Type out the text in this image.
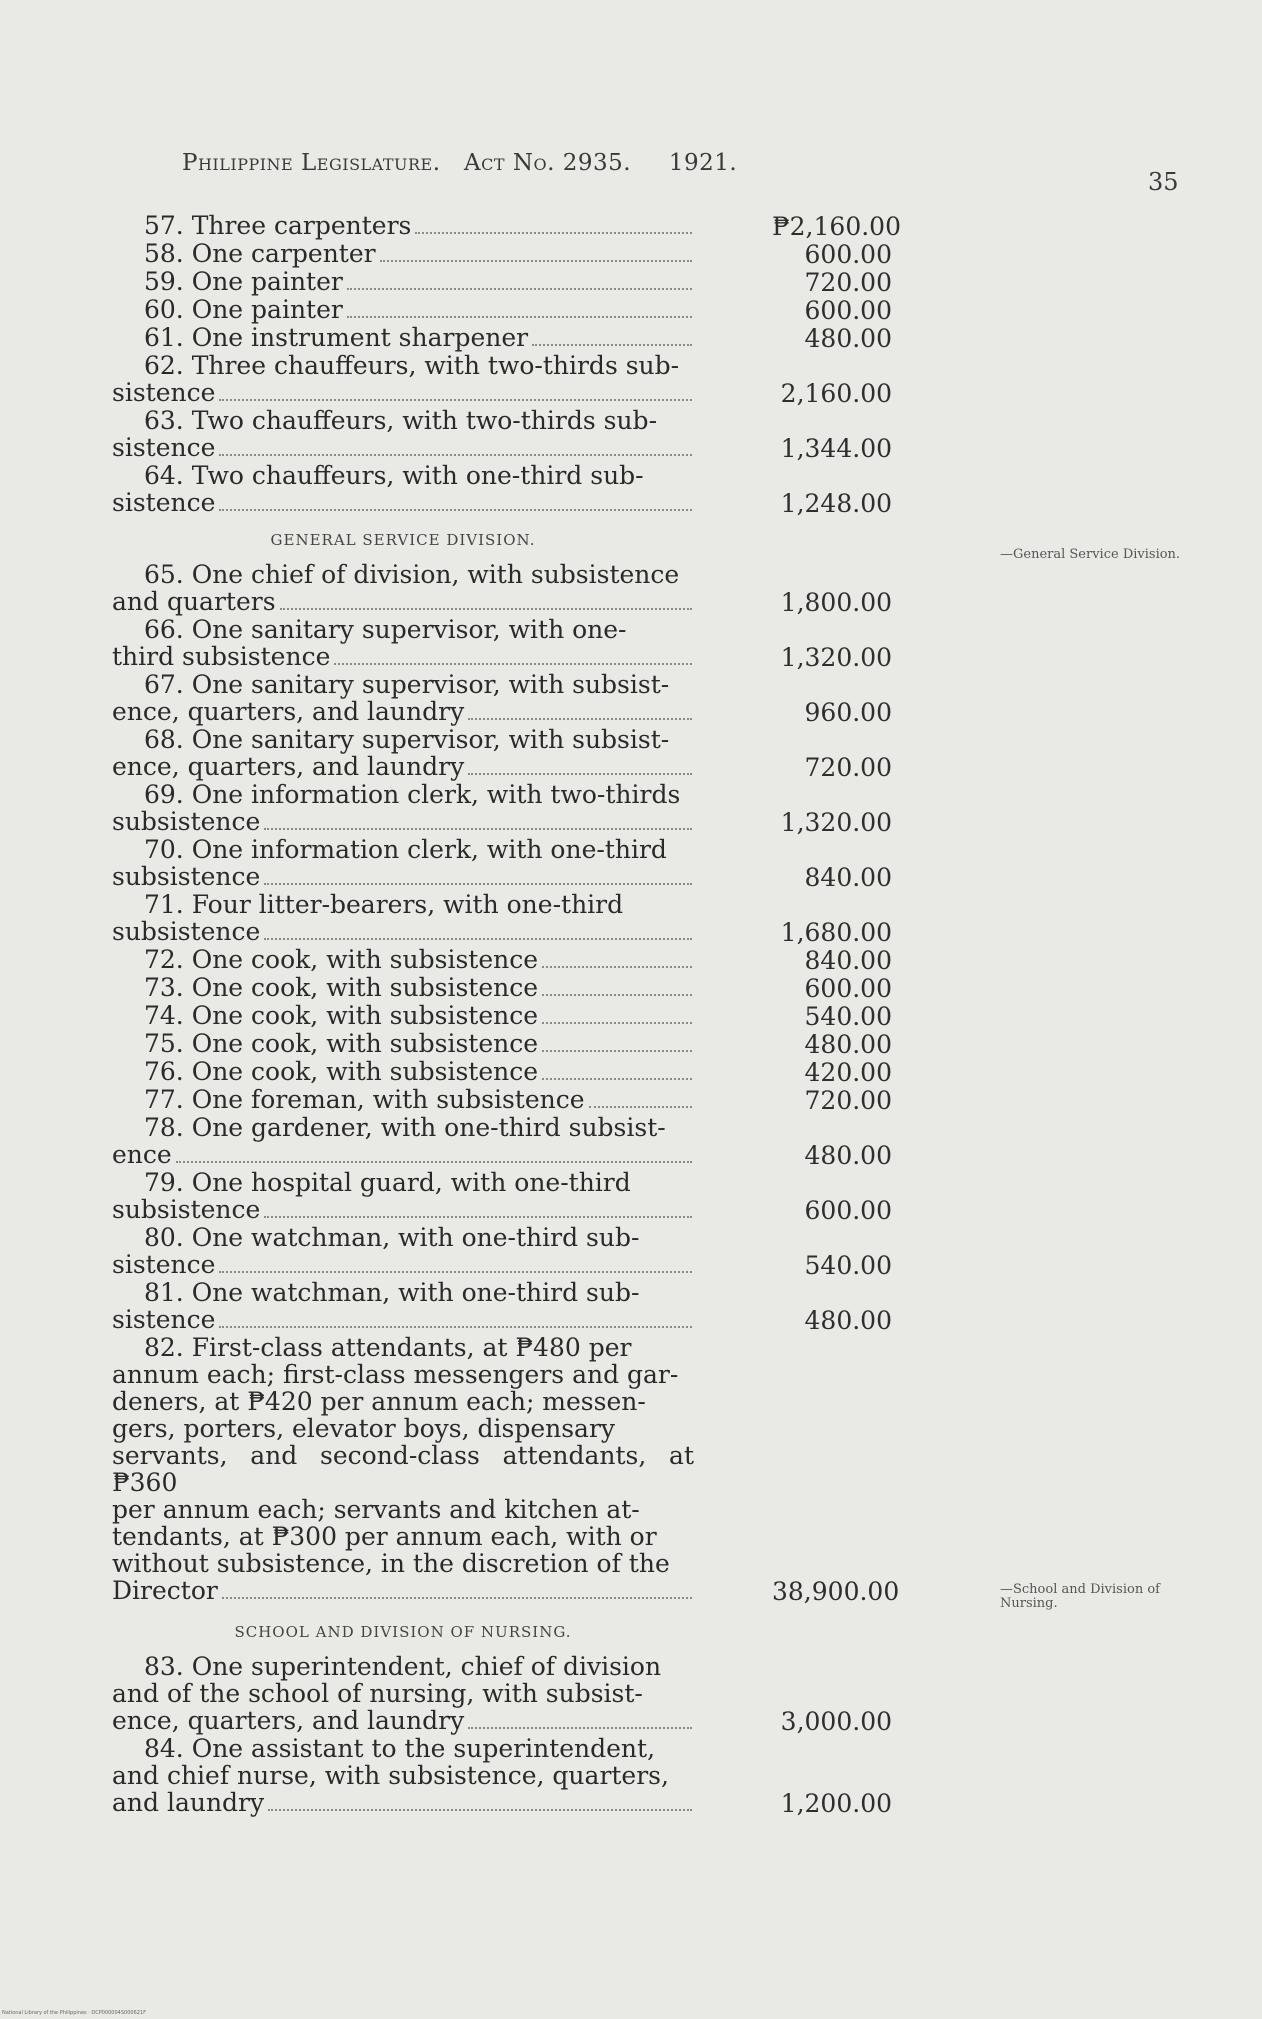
Philippine Legislature. Act No. 2935. 1921.
35
57. Three carpenters	₱2,160.00
58. One carpenter	600.00
59. One painter	720.00
60. One painter	600.00
61. One instrument sharpener	480.00
62. Three chauffeurs, with two-thirds sub-
sistence	2,160.00
63. Two chauffeurs, with two-thirds sub-
sistence	1,344.00
64. Two chauffeurs, with one-third sub-
sistence	1,248.00
GENERAL SERVICE DIVISION.
—General Service Division.
65. One chief of division, with subsistence
and quarters	1,800.00
66. One sanitary supervisor, with one-
third subsistence	1,320.00
67. One sanitary supervisor, with subsist-
ence, quarters, and laundry	960.00
68. One sanitary supervisor, with subsist-
ence, quarters, and laundry	720.00
69. One information clerk, with two-thirds
subsistence	1,320.00
70. One information clerk, with one-third
subsistence	840.00
71. Four litter-bearers, with one-third
subsistence	1,680.00
72. One cook, with subsistence	840.00
73. One cook, with subsistence	600.00
74. One cook, with subsistence	540.00
75. One cook, with subsistence	480.00
76. One cook, with subsistence	420.00
77. One foreman, with subsistence	720.00
78. One gardener, with one-third subsist-
ence	480.00
79. One hospital guard, with one-third
subsistence	600.00
80. One watchman, with one-third sub-
sistence	540.00
81. One watchman, with one-third sub-
sistence	480.00
82. First-class attendants, at ₱480 per
annum each; first-class messengers and gar-
deners, at ₱420 per annum each; messen-
gers, porters, elevator boys, dispensary
servants, and second-class attendants, at ₱360
per annum each; servants and kitchen at-
tendants, at ₱300 per annum each, with or
without subsistence, in the discretion of the
Director	38,900.00
SCHOOL AND DIVISION OF NURSING.
—School and Division of Nursing.
83. One superintendent, chief of division
and of the school of nursing, with subsist-
ence, quarters, and laundry	3,000.00
84. One assistant to the superintendent,
and chief nurse, with subsistence, quarters,
and laundry	1,200.00
National Library of the Philippines · DCP000004S000621F
